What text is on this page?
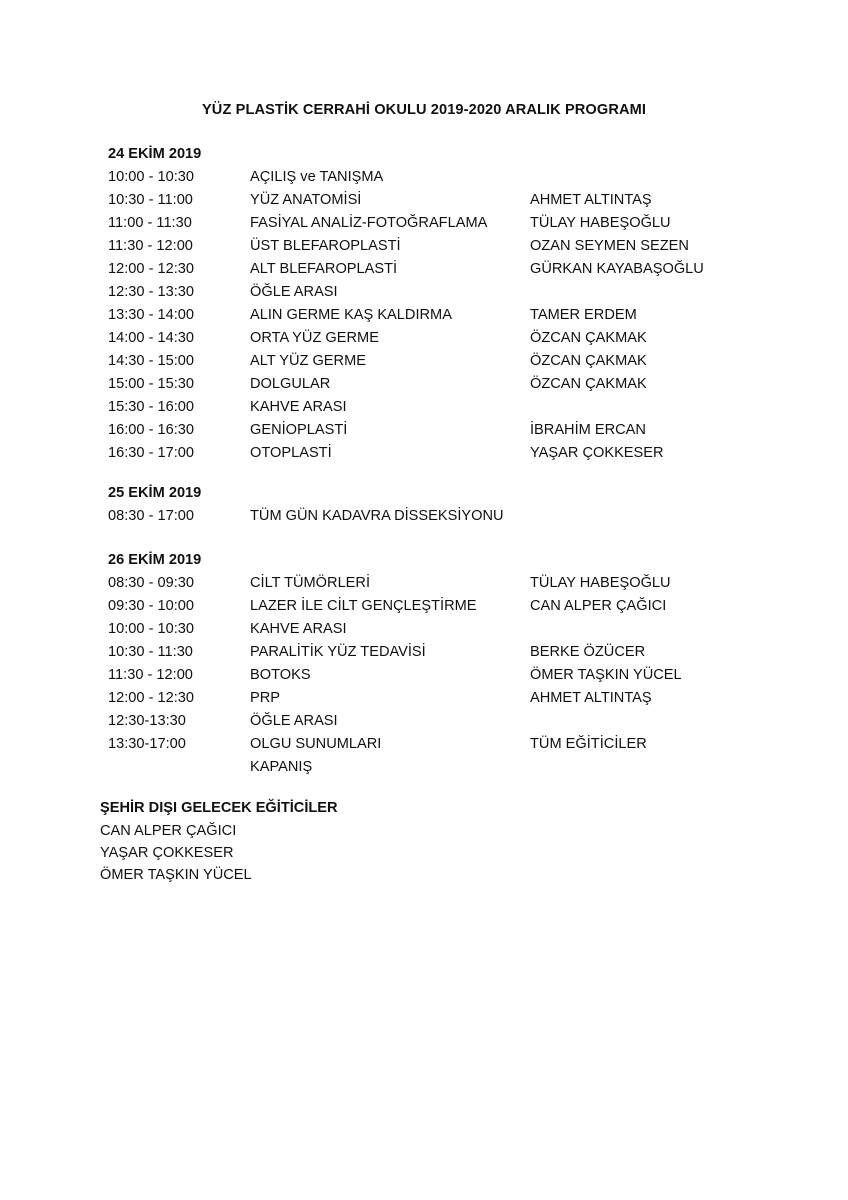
YÜZ PLASTİK CERRAHİ OKULU 2019-2020 ARALIK PROGRAMI
24 EKİM 2019
10:00 - 10:30	AÇILIŞ ve TANIŞMA
10:30 - 11:00	YÜZ ANATOMİSİ	AHMET ALTINTAŞ
11:00 - 11:30	FASİYAL ANALİZ-FOTOĞRAFLAMA	TÜLAY HABEŞOĞLU
11:30 - 12:00	ÜST BLEFAROPLASTİ	OZAN SEYMEN SEZEN
12:00 - 12:30	ALT BLEFAROPLASTİ	GÜRKAN KAYABAŞOĞLU
12:30 - 13:30	ÖĞLE ARASI
13:30 - 14:00	ALIN GERME KAŞ KALDIRMA	TAMER ERDEM
14:00 - 14:30	ORTA YÜZ GERME	ÖZCAN ÇAKMAK
14:30 - 15:00	ALT YÜZ GERME	ÖZCAN ÇAKMAK
15:00 - 15:30	DOLGULAR	ÖZCAN ÇAKMAK
15:30 - 16:00	KAHVE ARASI
16:00 - 16:30	GENİOPLASTİ	İBRAHİM ERCAN
16:30 - 17:00	OTOPLASTİ	YAŞAR ÇOKKESER
25 EKİM 2019
08:30 - 17:00	TÜM GÜN KADAVRA DİSSEKSİYONU
26 EKİM 2019
08:30 - 09:30	CİLT TÜMÖRLERİ	TÜLAY HABEŞOĞLU
09:30 - 10:00	LAZER İLE CİLT GENÇLEŞTİRME	CAN ALPER ÇAĞICI
10:00 - 10:30	KAHVE ARASI
10:30 - 11:30	PARALİTİK YÜZ TEDAVİSİ	BERKE ÖZÜCER
11:30 - 12:00	BOTOKS	ÖMER TAŞKIN YÜCEL
12:00 - 12:30	PRP	AHMET ALTINTAŞ
12:30-13:30	ÖĞLE ARASI
13:30-17:00	OLGU SUNUMLARI	TÜM EĞİTİCİLER
KAPANIŞ
ŞEHİR DIŞI GELECEK EĞİTİCİLER
CAN ALPER ÇAĞICI
YAŞAR ÇOKKESER
ÖMER TAŞKIN YÜCEL
